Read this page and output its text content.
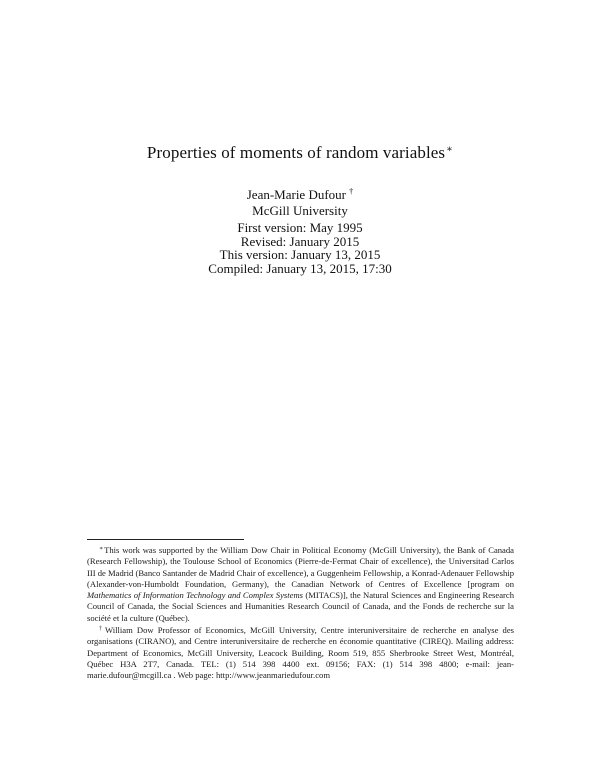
Properties of moments of random variables∗
Jean-Marie Dufour †
McGill University
First version: May 1995
Revised: January 2015
This version: January 13, 2015
Compiled: January 13, 2015, 17:30

∗This work was supported by the William Dow Chair in Political Economy (McGill University), the Bank of Canada (Research Fellowship), the Toulouse School of Economics (Pierre-de-Fermat Chair of excellence), the Universitad Carlos III de Madrid (Banco Santander de Madrid Chair of excellence), a Guggenheim Fellowship, a Konrad-Adenauer Fellowship (Alexander-von-Humboldt Foundation, Germany), the Canadian Network of Centres of Excellence [program on Mathematics of Information Technology and Complex Systems (MITACS)], the Natural Sciences and Engineering Research Council of Canada, the Social Sciences and Humanities Research Council of Canada, and the Fonds de recherche sur la société et la culture (Québec).

†William Dow Professor of Economics, McGill University, Centre interuniversitaire de recherche en analyse des organisations (CIRANO), and Centre interuniversitaire de recherche en économie quantitative (CIREQ). Mailing address: Department of Economics, McGill University, Leacock Building, Room 519, 855 Sherbrooke Street West, Montréal, Québec H3A 2T7, Canada. TEL: (1) 514 398 4400 ext. 09156; FAX: (1) 514 398 4800; e-mail: jean-marie.dufour@mcgill.ca . Web page: http://www.jeanmariedufour.com
